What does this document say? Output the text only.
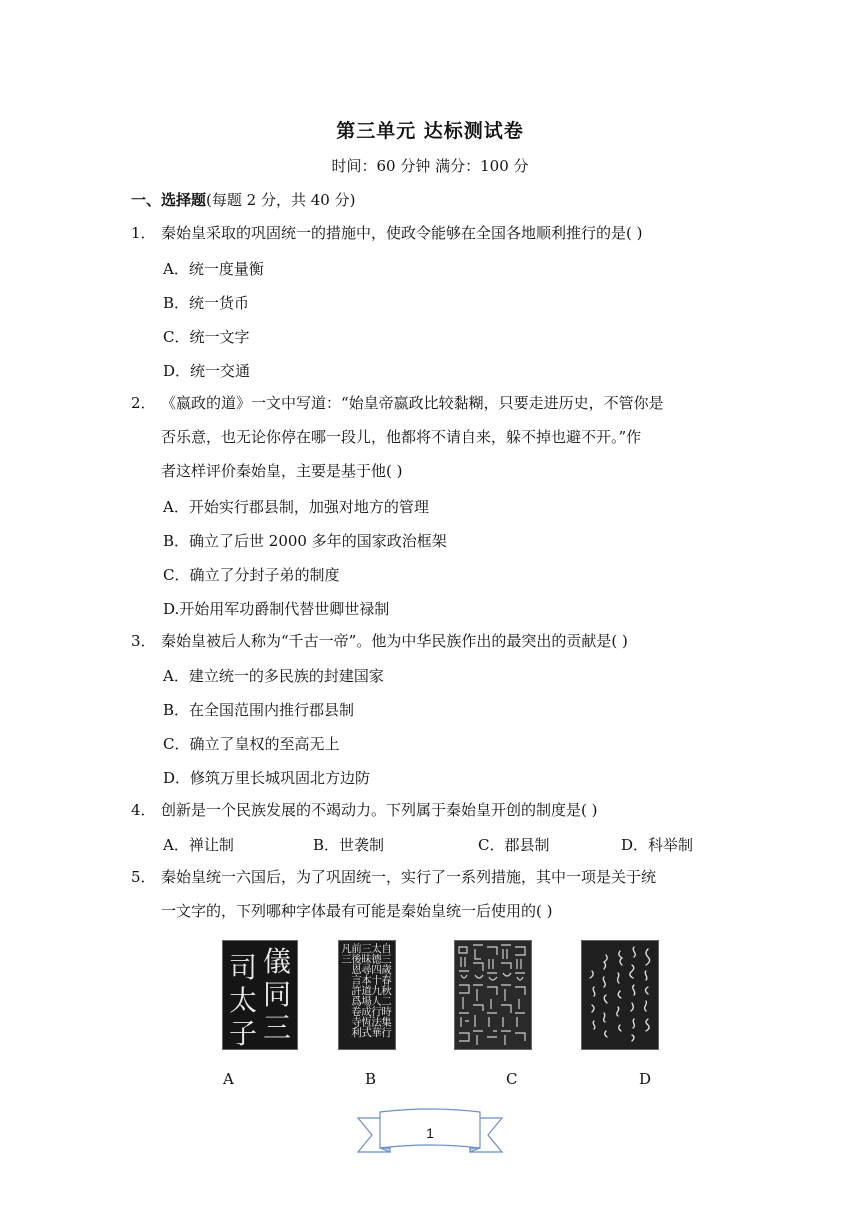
第三单元 达标测试卷
时间：60 分钟 满分：100 分
一、选择题(每题 2 分，共 40 分)
1． 秦始皇采取的巩固统一的措施中，使政令能够在全国各地顺利推行的是( )
A．统一度量衡
B．统一货币
C．统一文字
D．统一交通
2． 《嬴政的道》一文中写道：“始皇帝嬴政比较黏糊，只要走进历史，不管你是
否乐意，也无论你停在哪一段儿，他都将不请自来，躲不掉也避不开。”作
者这样评价秦始皇，主要是基于他( )
A．开始实行郡县制，加强对地方的管理
B．确立了后世 2000 多年的国家政治框架
C．确立了分封子弟的制度
D.开始用军功爵制代替世卿世禄制
3． 秦始皇被后人称为“千古一帝”。他为中华民族作出的最突出的贡献是( )
A．建立统一的多民族的封建国家
B．在全国范围内推行郡县制
C．确立了皇权的至高无上
D．修筑万里长城巩固北方边防
4． 创新是一个民族发展的不竭动力。下列属于秦始皇开创的制度是( )
A．禅让制	B．世袭制	C．郡县制	D．科举制
5． 秦始皇统一六国后，为了巩固统一，实行了一系列措施，其中一项是关于统
一文字的，下列哪种字体最有可能是秦始皇统一后使用的( )
儀
同
三
司
太
子	自三歲春秋二時集行太德四十九人行法華三昧尋本道場成恆式前後恩言許爲卷寺利凡三
A	B	C	D
1
